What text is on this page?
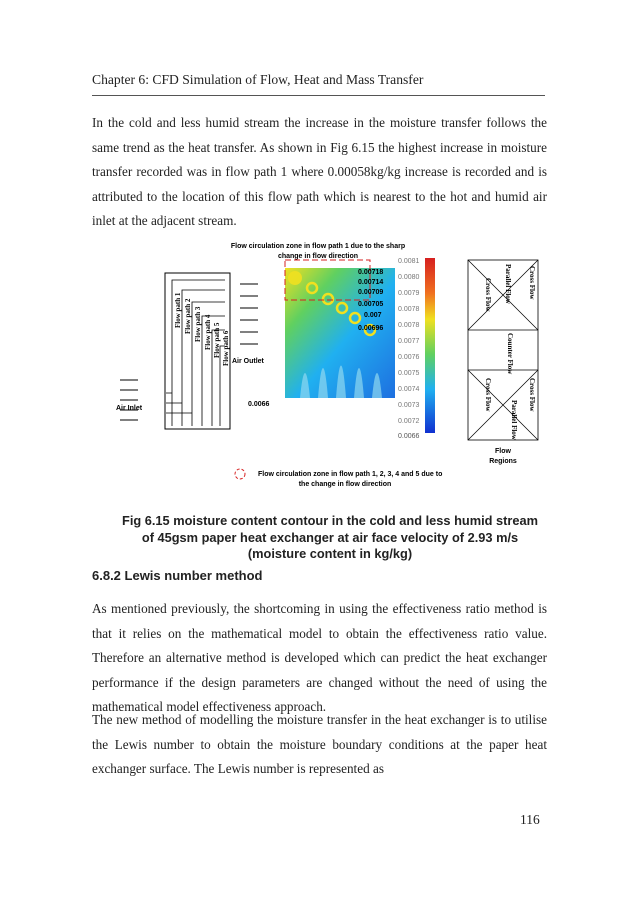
Chapter 6: CFD Simulation of Flow, Heat and Mass Transfer
In the cold and less humid stream the increase in the moisture transfer follows the same trend as the heat transfer. As shown in Fig 6.15 the highest increase in moisture transfer recorded was in flow path 1 where 0.00058kg/kg increase is recorded and is attributed to the location of this flow path which is nearest to the hot and humid air inlet at the adjacent stream.
Flow circulation zone in flow path 1 due to the sharp
change in flow direction
Air Inlet
Air Outlet
Flow path 1 Flow path 2 Flow path 3 Flow path 4 Flow path 5 Flow path 6
0.00718
0.00714
0.00709
0.00705
0.007
0.00696
0.0066
0.0081
0.0080
0.0079
0.0078
0.0078
0.0077
0.0076
0.0075
0.0074
0.0073
0.0072
0.0066
Cross Flow
Parallel Flow
Cross Flow
Counter Flow
Cross Flow
Parallel Flow
Cross Flow
Flow
Regions
Flow circulation zone in flow path 1, 2, 3, 4 and 5 due to
the change in flow direction
Fig 6.15 moisture content contour in the cold and less humid stream of 45gsm paper heat exchanger at air face velocity of 2.93 m/s (moisture content in kg/kg)
6.8.2 Lewis number method
As mentioned previously, the shortcoming in using the effectiveness ratio method is that it relies on the mathematical model to obtain the effectiveness ratio value. Therefore an alternative method is developed which can predict the heat exchanger performance if the design parameters are changed without the need of using the mathematical model effectiveness approach.
The new method of modelling the moisture transfer in the heat exchanger is to utilise the Lewis number to obtain the moisture boundary conditions at the paper heat exchanger surface. The Lewis number is represented as
116
